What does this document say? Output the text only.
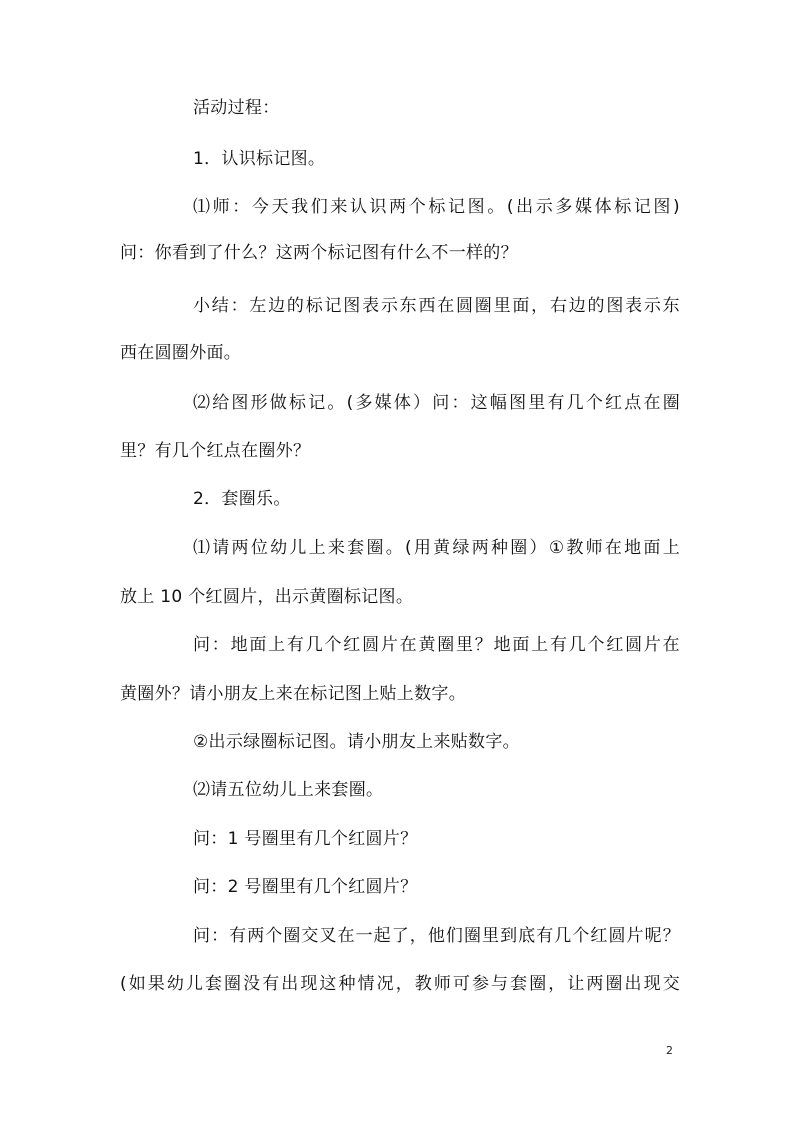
活动过程：
1．认识标记图。
⑴师：今天我们来认识两个标记图。(出示多媒体标记图)
问：你看到了什么？这两个标记图有什么不一样的？
小结：左边的标记图表示东西在圆圈里面，右边的图表示东
西在圆圈外面。
⑵给图形做标记。(多媒体）问：这幅图里有几个红点在圈
里？有几个红点在圈外？
2．套圈乐。
⑴请两位幼儿上来套圈。(用黄绿两种圈）①教师在地面上
放上 10 个红圆片，出示黄圈标记图。
问：地面上有几个红圆片在黄圈里？地面上有几个红圆片在
黄圈外？请小朋友上来在标记图上贴上数字。
②出示绿圈标记图。请小朋友上来贴数字。
⑵请五位幼儿上来套圈。
问：1 号圈里有几个红圆片？
问：2 号圈里有几个红圆片？
问：有两个圈交叉在一起了，他们圈里到底有几个红圆片呢？
(如果幼儿套圈没有出现这种情况，教师可参与套圈，让两圈出现交
2
